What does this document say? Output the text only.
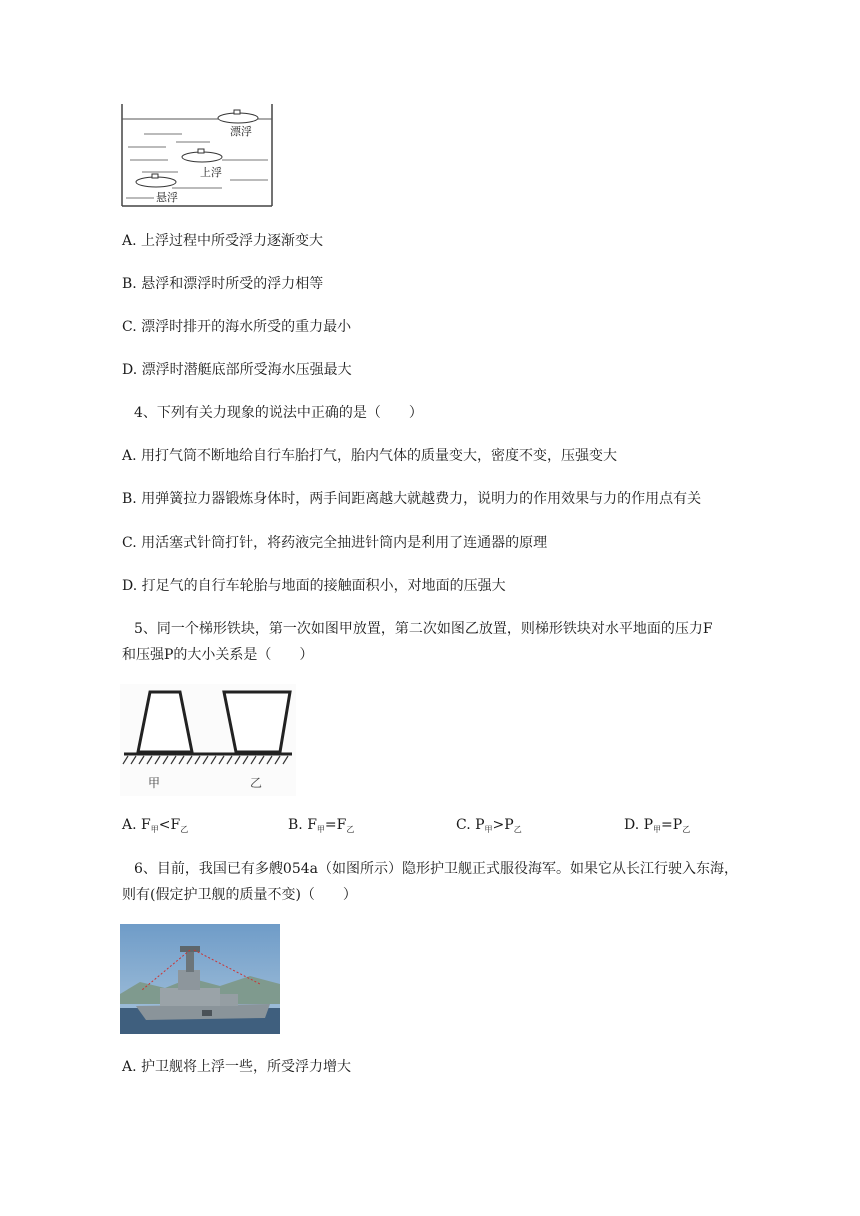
漂浮
上浮
悬浮
A. 上浮过程中所受浮力逐渐变大
B. 悬浮和漂浮时所受的浮力相等
C. 漂浮时排开的海水所受的重力最小
D. 漂浮时潜艇底部所受海水压强最大
4、下列有关力现象的说法中正确的是（　　）
A. 用打气筒不断地给自行车胎打气，胎内气体的质量变大，密度不变，压强变大
B. 用弹簧拉力器锻炼身体时，两手间距离越大就越费力，说明力的作用效果与力的作用点有关
C. 用活塞式针筒打针，将药液完全抽进针筒内是利用了连通器的原理
D. 打足气的自行车轮胎与地面的接触面积小，对地面的压强大
5、同一个梯形铁块，第一次如图甲放置，第二次如图乙放置，则梯形铁块对水平地面的压力F
和压强P的大小关系是（　　）
甲	乙
A. $F_甲<F_乙$	B. $F_甲=F_乙$	C. $P_甲>P_乙$	D. $P_甲=P_乙$
6、目前，我国已有多艘054a（如图所示）隐形护卫舰正式服役海军。如果它从长江行驶入东海，
则有(假定护卫舰的质量不变)（　　）
A. 护卫舰将上浮一些，所受浮力增大
